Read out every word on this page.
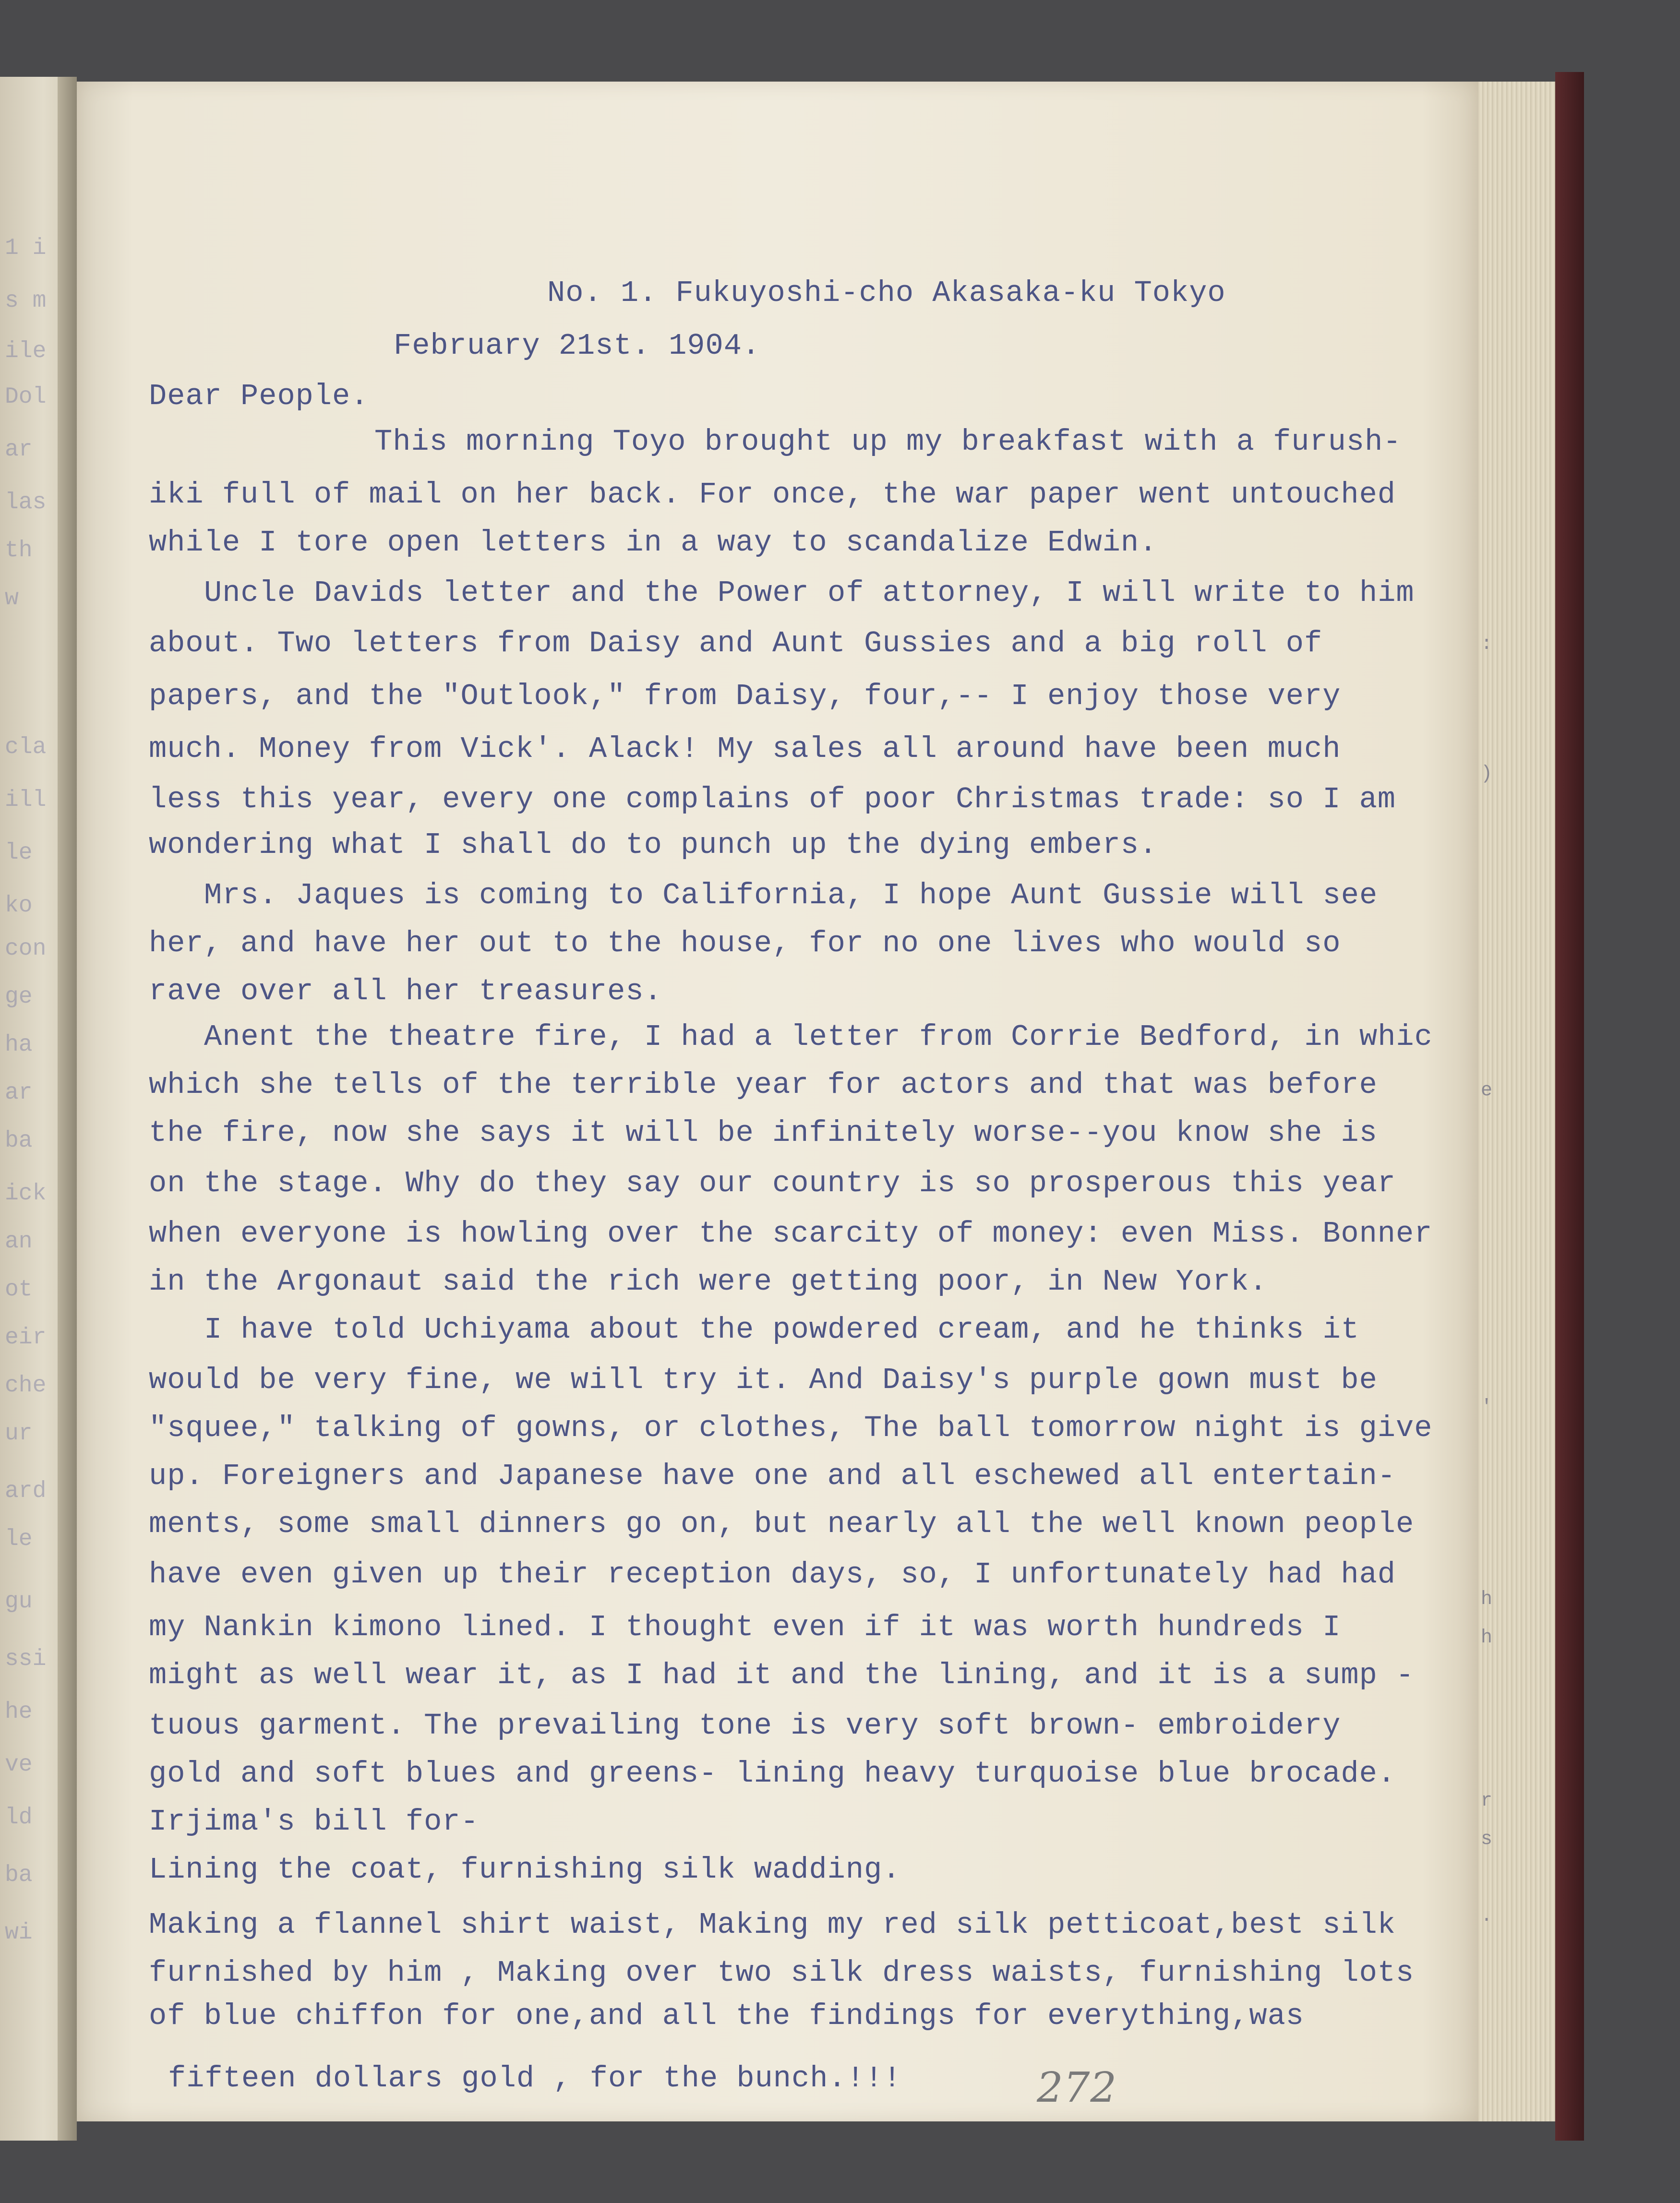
1 i
s m
ile
Dol
ar
las
th
w
cla
ill
le
ko
con
ge
ha
ar
ba
ick
an
ot
eir
che
ur
ard
le
gu
ssi
he
ve
ld
ba
wi
:
)
e
'
h
h
r
s
.
No. 1. Fukuyoshi-cho Akasaka-ku Tokyo
February 21st. 1904.
Dear People.
This morning Toyo brought up my breakfast with a furush-
iki full of mail on her back. For once, the war paper went untouched
while I tore open letters in a way to scandalize Edwin.
Uncle Davids letter and the Power of attorney, I will write to him
about. Two letters from Daisy and Aunt Gussies and a big roll of
papers, and the "Outlook," from Daisy, four,-- I enjoy those very
much. Money from Vick'. Alack! My sales all around have been much
less this year, every one complains of poor Christmas trade: so I am
wondering what I shall do to punch up the dying embers.
Mrs. Jaques is coming to California, I hope Aunt Gussie will see
her, and have her out to the house, for no one lives who would so
rave over all her treasures.
Anent the theatre fire, I had a letter from Corrie Bedford, in whic
which she tells of the terrible year for actors and that was before
the fire, now she says it will be infinitely worse--you know she is
on the stage. Why do they say our country is so prosperous this year
when everyone is howling over the scarcity of money: even Miss. Bonner
in the Argonaut said the rich were getting poor, in New York.
I have told Uchiyama about the powdered cream, and he thinks it
would be very fine, we will try it. And Daisy's purple gown must be
"squee," talking of gowns, or clothes, The ball tomorrow night is give
up. Foreigners and Japanese have one and all eschewed all entertain-
ments, some small dinners go on, but nearly all the well known people
have even given up their reception days, so, I unfortunately had had
my Nankin kimono lined. I thought even if it was worth hundreds I
might as well wear it, as I had it and the lining, and it is a sump -
tuous garment. The prevailing tone is very soft brown- embroidery
gold and soft blues and greens- lining heavy turquoise blue brocade.
Irjima's bill for-
Lining the coat, furnishing silk wadding.
Making a flannel shirt waist, Making my red silk petticoat,best silk
furnished by him , Making over two silk dress waists, furnishing lots
of blue chiffon for one,and all the findings for everything,was
fifteen dollars gold , for the bunch.!!!	272
